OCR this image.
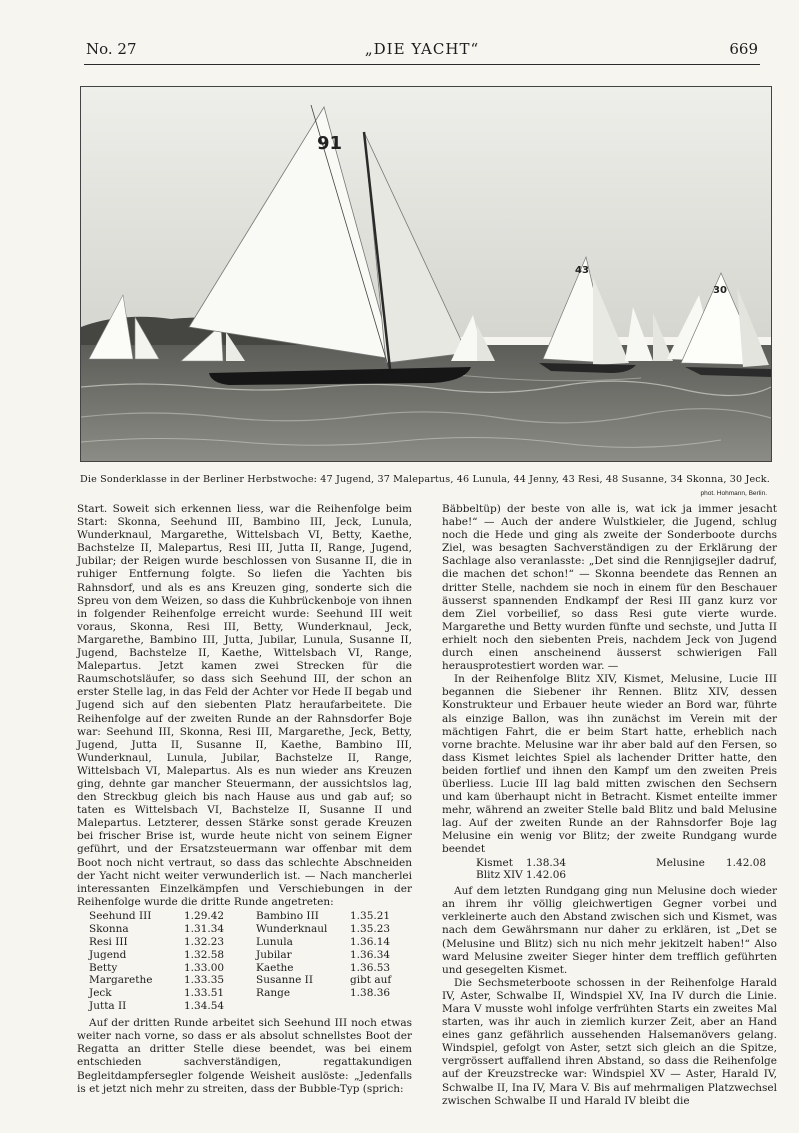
No. 27	„DIE YACHT“	669
91
43
30
Die Sonderklasse in der Berliner Herbstwoche: 47 Jugend, 37 Malepartus, 46 Lunula, 44 Jenny, 43 Resi, 48 Susanne, 34 Skonna, 30 Jeck.
phot. Hohmann, Berlin.

Start. Soweit sich erkennen liess, war die Reihenfolge beim Start: Skonna, Seehund III, Bambino III, Jeck, Lunula, Wunderknaul, Margarethe, Wittelsbach VI, Betty, Kaethe, Bachstelze II, Malepartus, Resi III, Jutta II, Range, Jugend, Jubilar; der Reigen wurde beschlossen von Susanne II, die in ruhiger Entfernung folgte. So liefen die Yachten bis Rahnsdorf, und als es ans Kreuzen ging, sonderte sich die Spreu von dem Weizen, so dass die Kuhbrückenboje von ihnen in folgender Reihenfolge erreicht wurde: Seehund III weit voraus, Skonna, Resi III, Betty, Wunderknaul, Jeck, Margarethe, Bambino III, Jutta, Jubilar, Lunula, Susanne II, Jugend, Bachstelze II, Kaethe, Wittelsbach VI, Range, Malepartus. Jetzt kamen zwei Strecken für die Raumschotsläufer, so dass sich Seehund III, der schon an erster Stelle lag, in das Feld der Achter vor Hede II begab und Jugend sich auf den siebenten Platz heraufarbeitete. Die Reihenfolge auf der zweiten Runde an der Rahnsdorfer Boje war: Seehund III, Skonna, Resi III, Margarethe, Jeck, Betty, Jugend, Jutta II, Susanne II, Kaethe, Bambino III, Wunderknaul, Lunula, Jubilar, Bachstelze II, Range, Wittelsbach VI, Malepartus. Als es nun wieder ans Kreuzen ging, dehnte gar mancher Steuermann, der aussichtslos lag, den Streckbug gleich bis nach Hause aus und gab auf; so taten es Wittelsbach VI, Bachstelze II, Susanne II und Malepartus. Letzterer, dessen Stärke sonst gerade Kreuzen bei frischer Brise ist, wurde heute nicht von seinem Eigner geführt, und der Ersatzsteuermann war offenbar mit dem Boot noch nicht vertraut, so dass das schlechte Abschneiden der Yacht nicht weiter verwunderlich ist. — Nach mancherlei interessanten Einzelkämpfen und Verschiebungen in der Reihenfolge wurde die dritte Runde angetreten:

Seehund III	1.29.42	Bambino III	1.35.21
Skonna	1.31.34	Wunderknaul	1.35.23
Resi III	1.32.23	Lunula	1.36.14
Jugend	1.32.58	Jubilar	1.36.34
Betty	1.33.00	Kaethe	1.36.53
Margarethe	1.33.35	Susanne II	gibt auf
Jeck	1.33.51	Range	1.38.36
Jutta II	1.34.54		

Auf der dritten Runde arbeitet sich Seehund III noch etwas weiter nach vorne, so dass er als absolut schnellstes Boot der Regatta an dritter Stelle diese beendet, was bei einem entschieden sachverständigen, regattakundigen Begleitdampfersegler folgende Weisheit auslöste: „Jedenfalls is et jetzt nich mehr zu streiten, dass der Bubble-Typ (sprich:

Bäbbeltüp) der beste von alle is, wat ick ja immer jesacht habe!“ — Auch der andere Wulstkieler, die Jugend, schlug noch die Hede und ging als zweite der Sonderboote durchs Ziel, was besagten Sachverständigen zu der Erklärung der Sachlage also veranlasste: „Det sind die Rennjigsejler dadruf, die machen det schon!“ — Skonna beendete das Rennen an dritter Stelle, nachdem sie noch in einem für den Beschauer äusserst spannenden Endkampf der Resi III ganz kurz vor dem Ziel vorbeilief, so dass Resi gute vierte wurde. Margarethe und Betty wurden fünfte und sechste, und Jutta II erhielt noch den siebenten Preis, nachdem Jeck von Jugend durch einen anscheinend äusserst schwierigen Fall herausprotestiert worden war. —

In der Reihenfolge Blitz XIV, Kismet, Melusine, Lucie III begannen die Siebener ihr Rennen. Blitz XIV, dessen Konstrukteur und Erbauer heute wieder an Bord war, führte als einzige Ballon, was ihn zunächst im Verein mit der mächtigen Fahrt, die er beim Start hatte, erheblich nach vorne brachte. Melusine war ihr aber bald auf den Fersen, so dass Kismet leichtes Spiel als lachender Dritter hatte, den beiden fortlief und ihnen den Kampf um den zweiten Preis überliess. Lucie III lag bald mitten zwischen den Sechsern und kam überhaupt nicht in Betracht. Kismet enteilte immer mehr, während an zweiter Stelle bald Blitz und bald Melusine lag. Auf der zweiten Runde an der Rahnsdorfer Boje lag Melusine ein wenig vor Blitz; der zweite Rundgang wurde beendet

Kismet	1.38.34	Melusine	1.42.08
Blitz XIV	1.42.06		

Auf dem letzten Rundgang ging nun Melusine doch wieder an ihrem ihr völlig gleichwertigen Gegner vorbei und verkleinerte auch den Abstand zwischen sich und Kismet, was nach dem Gewährsmann nur daher zu erklären, ist „Det se (Melusine und Blitz) sich nu nich mehr jekitzelt haben!“ Also ward Melusine zweiter Sieger hinter dem trefflich geführten und gesegelten Kismet.

Die Sechsmeterboote schossen in der Reihenfolge Harald IV, Aster, Schwalbe II, Windspiel XV, Ina IV durch die Linie. Mara V musste wohl infolge verfrühten Starts ein zweites Mal starten, was ihr auch in ziemlich kurzer Zeit, aber an Hand eines ganz gefährlich aussehenden Halsemanövers gelang. Windspiel, gefolgt von Aster, setzt sich gleich an die Spitze, vergrössert auffallend ihren Abstand, so dass die Reihenfolge auf der Kreuzstrecke war: Windspiel XV — Aster, Harald IV, Schwalbe II, Ina IV, Mara V. Bis auf mehrmaligen Platzwechsel zwischen Schwalbe II und Harald IV bleibt die
